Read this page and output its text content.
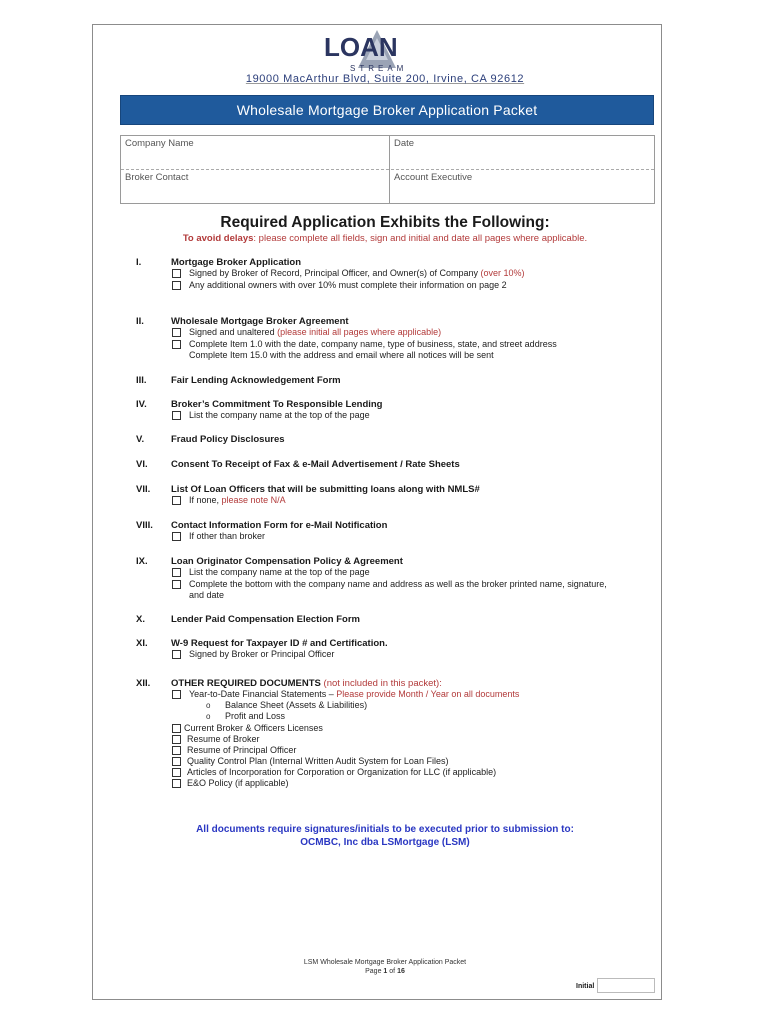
LOAN
STREAM
19000 MacArthur Blvd, Suite 200, Irvine, CA 92612
Wholesale Mortgage Broker Application Packet
Company Name	Date
Broker Contact	Account Executive
Required Application Exhibits the Following:
To avoid delays: please complete all fields, sign and initial and date all pages where applicable.
I.	Mortgage Broker Application
Signed by Broker of Record, Principal Officer, and Owner(s) of Company (over 10%)
Any additional owners with over 10% must complete their information on page 2
II.	Wholesale Mortgage Broker Agreement
Signed and unaltered (please initial all pages where applicable)
Complete Item 1.0 with the date, company name, type of business, state, and street address
Complete Item 15.0 with the address and email where all notices will be sent
III.	Fair Lending Acknowledgement Form
IV.	Broker’s Commitment To Responsible Lending
List the company name at the top of the page
V.	Fraud Policy Disclosures
VI. Consent To Receipt of Fax & e-Mail Advertisement / Rate Sheets
VII. List Of Loan Officers that will be submitting loans along with NMLS#
If none, please note N/A
VIII. Contact Information Form for e-Mail Notification
If other than broker
IX. Loan Originator Compensation Policy & Agreement
List the company name at the top of the page
Complete the bottom with the company name and address as well as the broker printed name, signature,
and date
X.	Lender Paid Compensation Election Form
XI. W-9 Request for Taxpayer ID # and Certification.
Signed by Broker or Principal Officer
XII. OTHER REQUIRED DOCUMENTS (not included in this packet):
Year-to-Date Financial Statements – Please provide Month / Year on all documents
o Balance Sheet (Assets & Liabilities)
o Profit and Loss
Current Broker & Officers Licenses
Resume of Broker
Resume of Principal Officer
Quality Control Plan (Internal Written Audit System for Loan Files)
Articles of Incorporation for Corporation or Organization for LLC (if applicable)
E&O Policy (if applicable)
All documents require signatures/initials to be executed prior to submission to:
OCMBC, Inc dba LSMortgage (LSM)
LSM Wholesale Mortgage Broker Application Packet
Page 1 of 16
Initial
